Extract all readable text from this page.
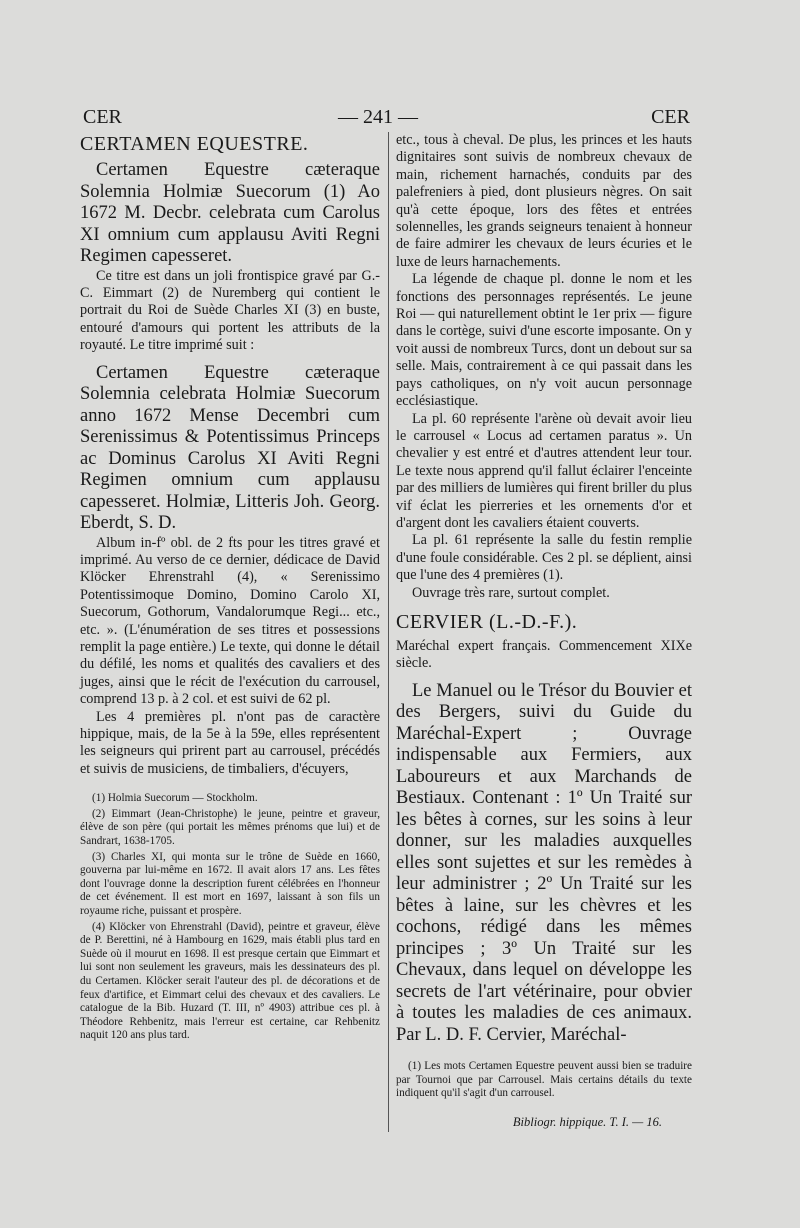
CER	— 241 —	CER
CERTAMEN EQUESTRE.

Certamen Equestre cæteraque Solemnia Holmiæ Suecorum (1) Ao 1672 M. Decbr. celebrata cum Carolus XI omnium cum applausu Aviti Regni Regimen capesseret.

Ce titre est dans un joli frontispice gravé par G.-C. Eimmart (2) de Nuremberg qui contient le portrait du Roi de Suède Charles XI (3) en buste, entouré d'amours qui portent les attributs de la royauté. Le titre imprimé suit :

Certamen Equestre cæteraque Solemnia celebrata Holmiæ Suecorum anno 1672 Mense Decembri cum Serenissimus & Potentissimus Princeps ac Dominus Carolus XI Aviti Regni Regimen omnium cum applausu capesseret. Holmiæ, Litteris Joh. Georg. Eberdt, S. D.

Album in-fº obl. de 2 fts pour les titres gravé et imprimé. Au verso de ce dernier, dédicace de David Klöcker Ehrenstrahl (4), « Serenissimo Potentissimoque Domino, Domino Carolo XI, Suecorum, Gothorum, Vandalorumque Regi... etc., etc. ». (L'énumération de ses titres et possessions remplit la page entière.) Le texte, qui donne le détail du défilé, les noms et qualités des cavaliers et des juges, ainsi que le récit de l'exécution du carrousel, comprend 13 p. à 2 col. et est suivi de 62 pl.

Les 4 premières pl. n'ont pas de caractère hippique, mais, de la 5e à la 59e, elles représentent les seigneurs qui prirent part au carrousel, précédés et suivis de musiciens, de timbaliers, d'écuyers,

(1) Holmia Suecorum — Stockholm.

(2) Eimmart (Jean-Christophe) le jeune, peintre et graveur, élève de son père (qui portait les mêmes prénoms que lui) et de Sandrart, 1638-1705.

(3) Charles XI, qui monta sur le trône de Suède en 1660, gouverna par lui-même en 1672. Il avait alors 17 ans. Les fêtes dont l'ouvrage donne la description furent célébrées en l'honneur de cet événement. Il est mort en 1697, laissant à son fils un royaume riche, puissant et prospère.

(4) Klöcker von Ehrenstrahl (David), peintre et graveur, élève de P. Berettini, né à Hambourg en 1629, mais établi plus tard en Suède où il mourut en 1698. Il est presque certain que Eimmart et lui sont non seulement les graveurs, mais les dessinateurs des pl. du Certamen. Klöcker serait l'auteur des pl. de décorations et de feux d'artifice, et Eimmart celui des chevaux et des cavaliers. Le catalogue de la Bib. Huzard (T. III, nº 4903) attribue ces pl. à Théodore Rehbenitz, mais l'erreur est certaine, car Rehbenitz naquit 120 ans plus tard.

etc., tous à cheval. De plus, les princes et les hauts dignitaires sont suivis de nombreux chevaux de main, richement harnachés, conduits par des palefreniers à pied, dont plusieurs nègres. On sait qu'à cette époque, lors des fêtes et entrées solennelles, les grands seigneurs tenaient à honneur de faire admirer les chevaux de leurs écuries et le luxe de leurs harnachements.

La légende de chaque pl. donne le nom et les fonctions des personnages représentés. Le jeune Roi — qui naturellement obtint le 1er prix — figure dans le cortège, suivi d'une escorte imposante. On y voit aussi de nombreux Turcs, dont un debout sur sa selle. Mais, contrairement à ce qui passait dans les pays catholiques, on n'y voit aucun personnage ecclésiastique.

La pl. 60 représente l'arène où devait avoir lieu le carrousel « Locus ad certamen paratus ». Un chevalier y est entré et d'autres attendent leur tour. Le texte nous apprend qu'il fallut éclairer l'enceinte par des milliers de lumières qui firent briller du plus vif éclat les pierreries et les ornements d'or et d'argent dont les cavaliers étaient couverts.

La pl. 61 représente la salle du festin remplie d'une foule considérable. Ces 2 pl. se déplient, ainsi que l'une des 4 premières (1).

Ouvrage très rare, surtout complet.

CERVIER (L.-D.-F.).

Maréchal expert français. Commencement XIXe siècle.

Le Manuel ou le Trésor du Bouvier et des Bergers, suivi du Guide du Maréchal-Expert ; Ouvrage indispensable aux Fermiers, aux Laboureurs et aux Marchands de Bestiaux. Contenant : 1º Un Traité sur les bêtes à cornes, sur les soins à leur donner, sur les maladies auxquelles elles sont sujettes et sur les remèdes à leur administrer ; 2º Un Traité sur les bêtes à laine, sur les chèvres et les cochons, rédigé dans les mêmes principes ; 3º Un Traité sur les Chevaux, dans lequel on développe les secrets de l'art vétérinaire, pour obvier à toutes les maladies de ces animaux. Par L. D. F. Cervier, Maréchal-

(1) Les mots Certamen Equestre peuvent aussi bien se traduire par Tournoi que par Carrousel. Mais certains détails du texte indiquent qu'il s'agit d'un carrousel.

Bibliogr. hippique. T. I. — 16.
